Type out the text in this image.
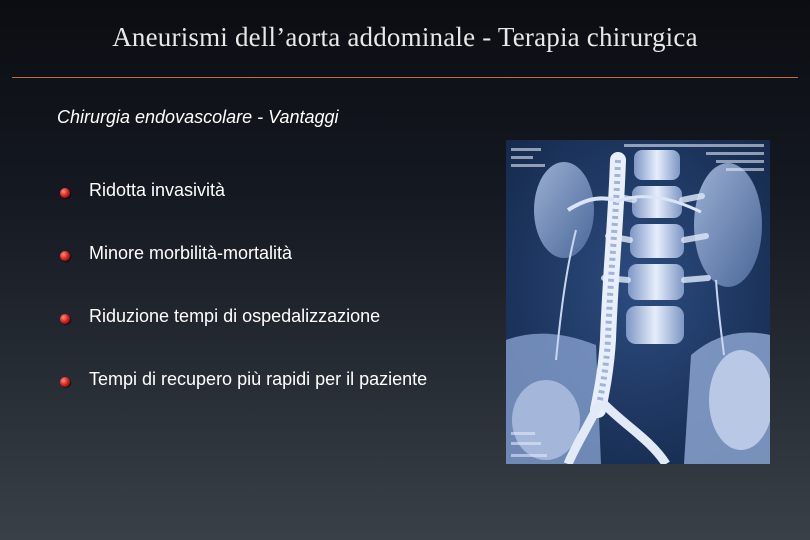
Aneurismi dell’aorta addominale - Terapia chirurgica
Chirurgia endovascolare - Vantaggi
Ridotta invasività
Minore morbilità-mortalità
Riduzione tempi di ospedalizzazione
Tempi di recupero più rapidi per il paziente
